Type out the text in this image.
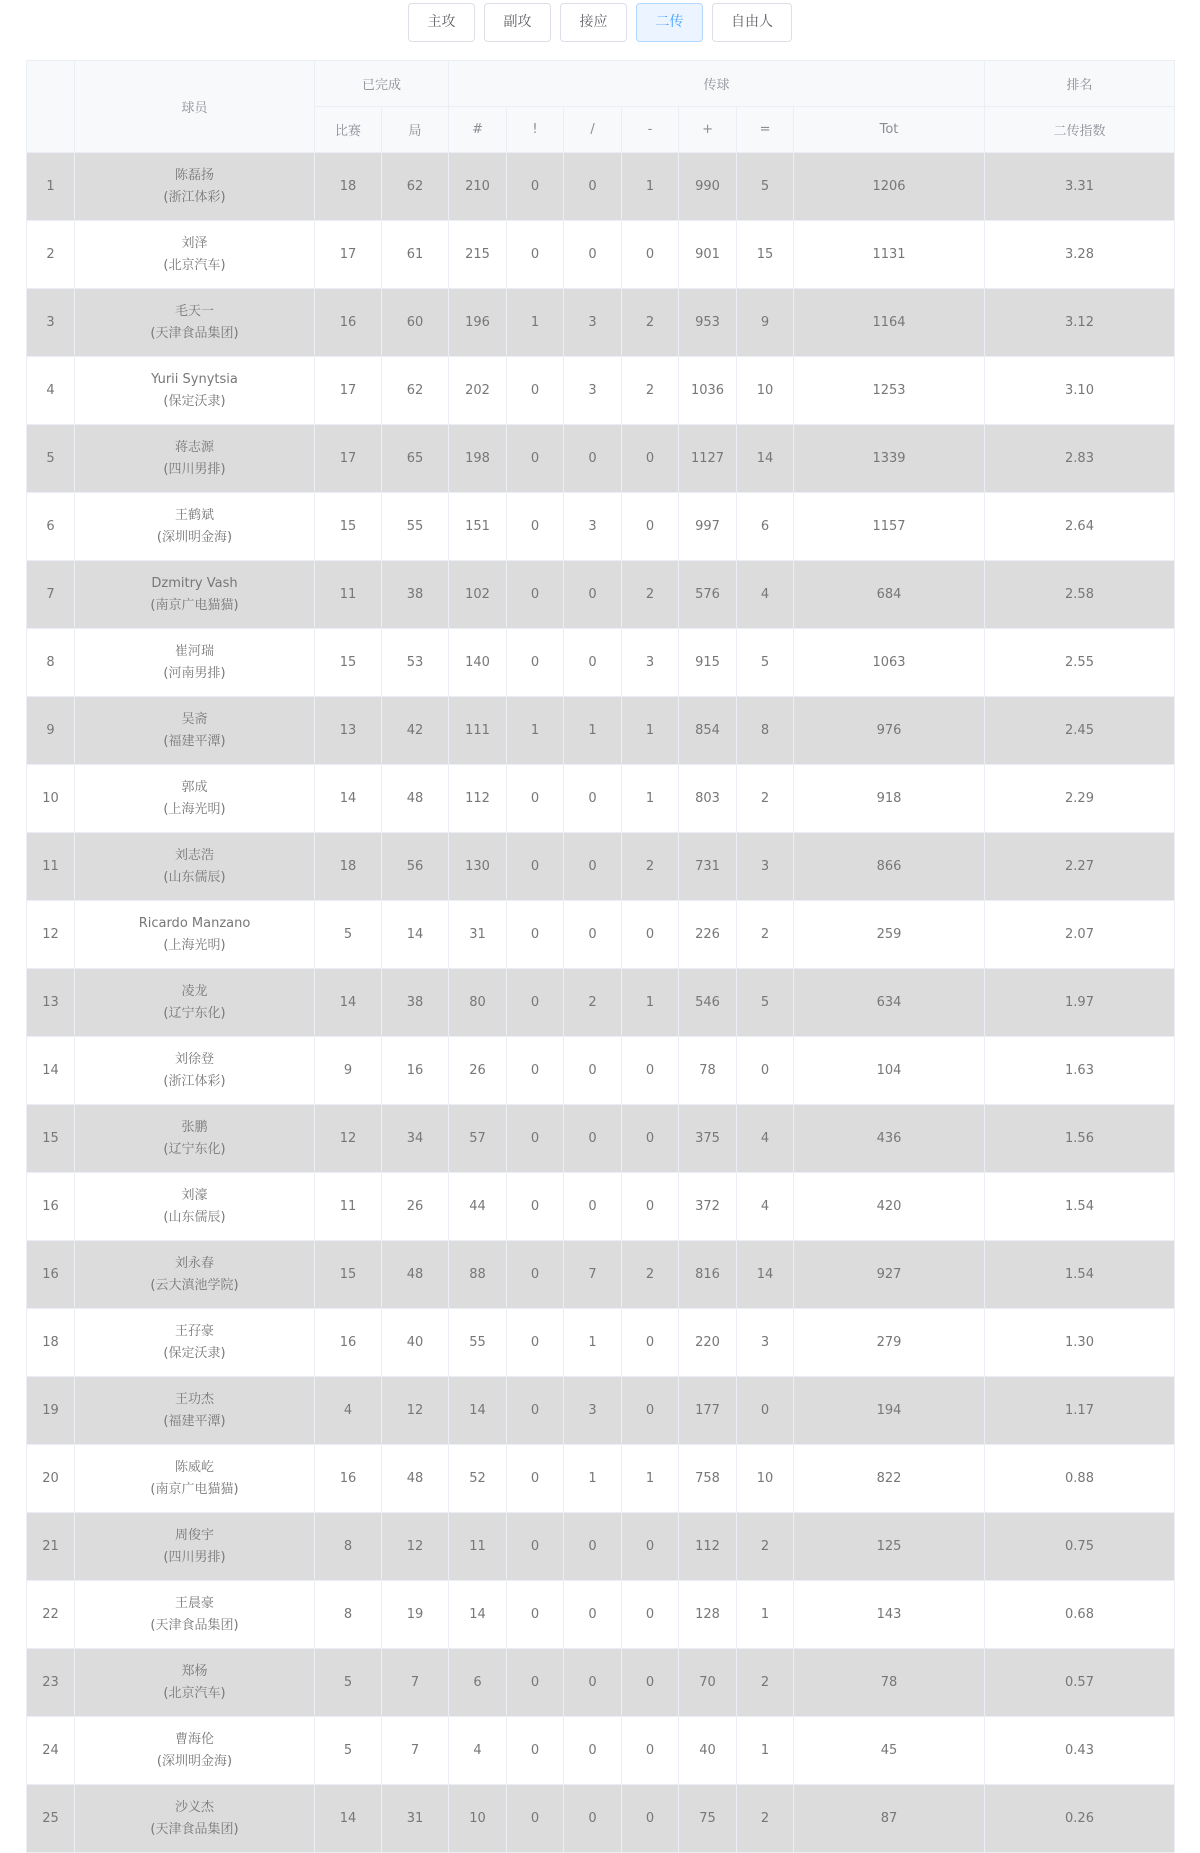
主攻	副攻	接应	二传	自由人
	球员	已完成		传球							排名
		比赛	局	#	!	/	-	+	=	Tot	二传指数
1	陈磊扬
(浙江体彩)	18	62	210	0	0	1	990	5	1206	3.31
2	刘泽
(北京汽车)	17	61	215	0	0	0	901	15	1131	3.28
3	毛天一
(天津食品集团)	16	60	196	1	3	2	953	9	1164	3.12
4	Yurii Synytsia
(保定沃隶)	17	62	202	0	3	2	1036	10	1253	3.10
5	蒋志源
(四川男排)	17	65	198	0	0	0	1127	14	1339	2.83
6	王鹤斌
(深圳明金海)	15	55	151	0	3	0	997	6	1157	2.64
7	Dzmitry Vash
(南京广电猫猫)	11	38	102	0	0	2	576	4	684	2.58
8	崔河瑞
(河南男排)	15	53	140	0	0	3	915	5	1063	2.55
9	吴斋
(福建平潭)	13	42	111	1	1	1	854	8	976	2.45
10	郭成
(上海光明)	14	48	112	0	0	1	803	2	918	2.29
11	刘志浩
(山东儒辰)	18	56	130	0	0	2	731	3	866	2.27
12	Ricardo Manzano
(上海光明)	5	14	31	0	0	0	226	2	259	2.07
13	凌龙
(辽宁东化)	14	38	80	0	2	1	546	5	634	1.97
14	刘徐登
(浙江体彩)	9	16	26	0	0	0	78	0	104	1.63
15	张鹏
(辽宁东化)	12	34	57	0	0	0	375	4	436	1.56
16	刘濠
(山东儒辰)	11	26	44	0	0	0	372	4	420	1.54
16	刘永春
(云大滇池学院)	15	48	88	0	7	2	816	14	927	1.54
18	王孖豪
(保定沃隶)	16	40	55	0	1	0	220	3	279	1.30
19	王功杰
(福建平潭)	4	12	14	0	3	0	177	0	194	1.17
20	陈威屹
(南京广电猫猫)	16	48	52	0	1	1	758	10	822	0.88
21	周俊宇
(四川男排)	8	12	11	0	0	0	112	2	125	0.75
22	王晨豪
(天津食品集团)	8	19	14	0	0	0	128	1	143	0.68
23	郑杨
(北京汽车)	5	7	6	0	0	0	70	2	78	0.57
24	曹海伦
(深圳明金海)	5	7	4	0	0	0	40	1	45	0.43
25	沙义杰
(天津食品集团)	14	31	10	0	0	0	75	2	87	0.26
